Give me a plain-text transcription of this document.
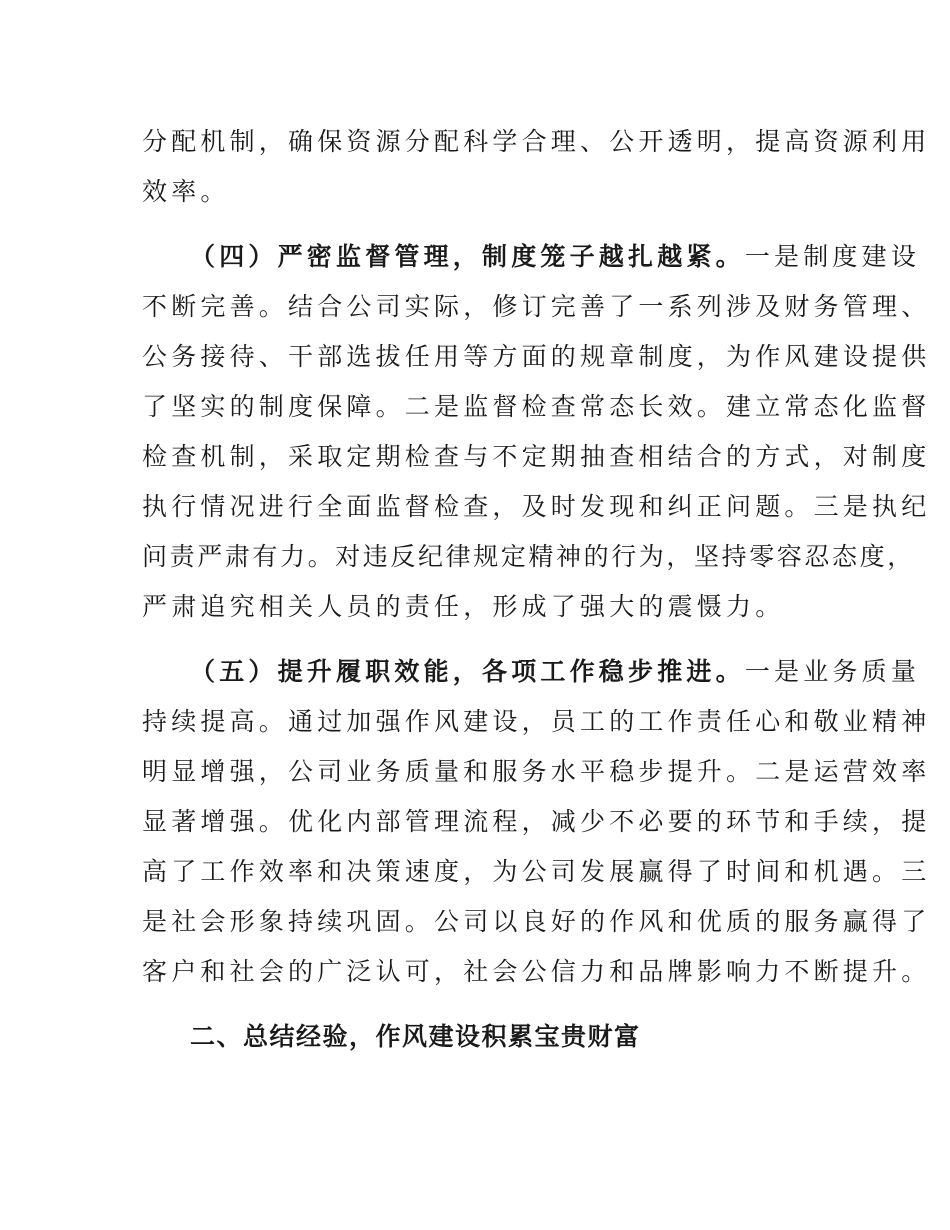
分配机制，确保资源分配科学合理、公开透明，提高资源利用
效率。
（四）严密监督管理，制度笼子越扎越紧。一是制度建设
不断完善。结合公司实际，修订完善了一系列涉及财务管理、
公务接待、干部选拔任用等方面的规章制度，为作风建设提供
了坚实的制度保障。二是监督检查常态长效。建立常态化监督
检查机制，采取定期检查与不定期抽查相结合的方式，对制度
执行情况进行全面监督检查，及时发现和纠正问题。三是执纪
问责严肃有力。对违反纪律规定精神的行为，坚持零容忍态度，
严肃追究相关人员的责任，形成了强大的震慑力。
（五）提升履职效能，各项工作稳步推进。一是业务质量
持续提高。通过加强作风建设，员工的工作责任心和敬业精神
明显增强，公司业务质量和服务水平稳步提升。二是运营效率
显著增强。优化内部管理流程，减少不必要的环节和手续，提
高了工作效率和决策速度，为公司发展赢得了时间和机遇。三
是社会形象持续巩固。公司以良好的作风和优质的服务赢得了
客户和社会的广泛认可，社会公信力和品牌影响力不断提升。
二、总结经验，作风建设积累宝贵财富
